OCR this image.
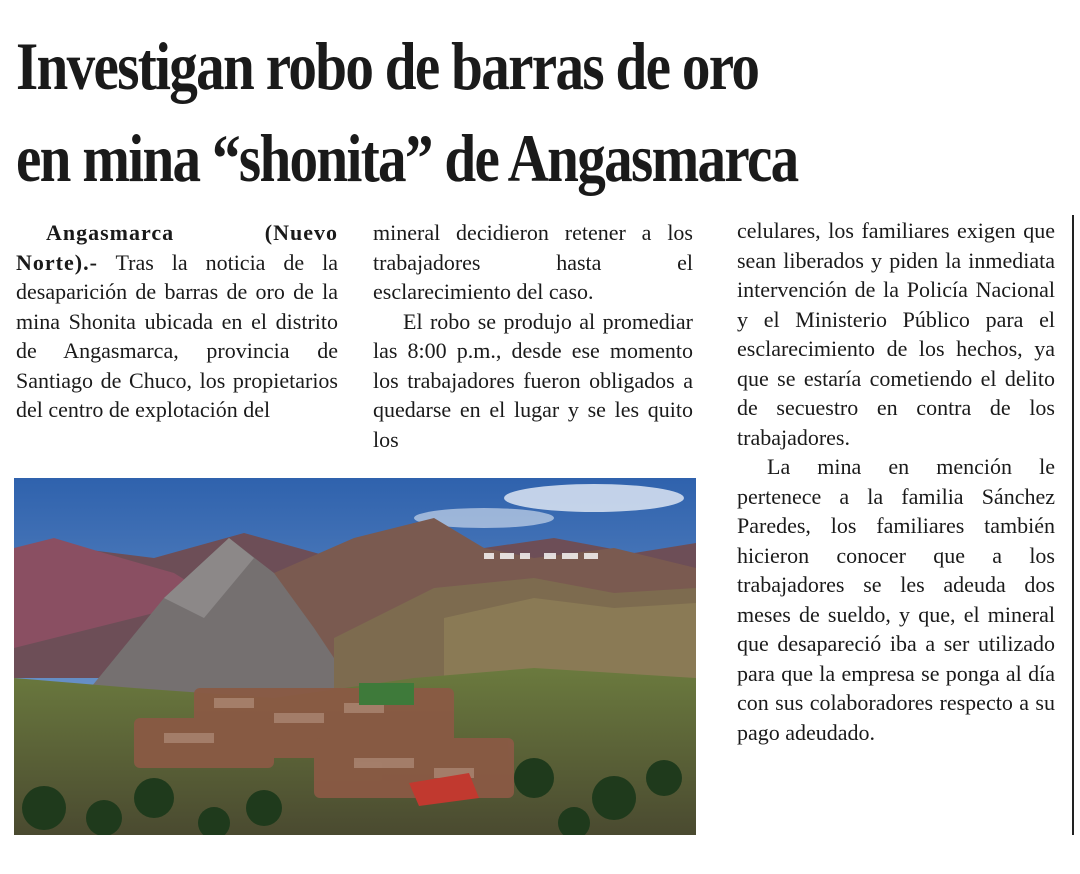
Investigan robo de barras de oro
en mina “shonita” de Angasmarca

Angasmarca (Nuevo Norte).- Tras la noticia de la desaparición de barras de oro de la mina Shonita ubicada en el distrito de Angasmarca, provincia de Santiago de Chuco, los propietarios del centro de explotación del

mineral decidieron retener a los trabajadores hasta el esclarecimiento del caso.

El robo se produjo al promediar las 8:00 p.m., desde ese momento los trabajadores fueron obligados a quedarse en el lugar y se les quito los

celulares, los familiares exigen que sean liberados y piden la inmediata intervención de la Policía Nacional y el Ministerio Público para el esclarecimiento de los hechos, ya que se estaría cometiendo el delito de secuestro en contra de los trabajadores.

La mina en mención le pertenece a la familia Sánchez Paredes, los familiares también hicieron conocer que a los trabajadores se les adeuda dos meses de sueldo, y que, el mineral que desapareció iba a ser utilizado para que la empresa se ponga al día con sus colaboradores respecto a su pago adeudado.
